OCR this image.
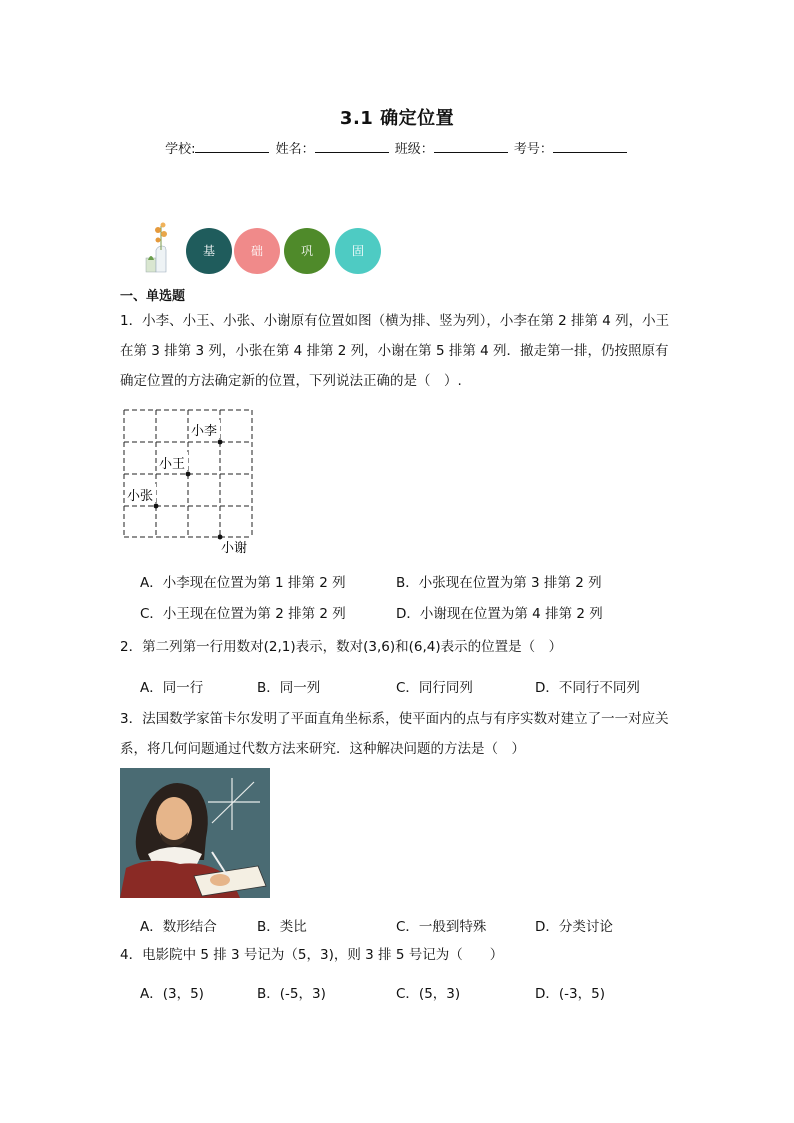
3.1 确定位置
学校:	姓名：	班级：	考号：
基	础	巩	固
一、单选题
1．小李、小王、小张、小谢原有位置如图（横为排、竖为列），小李在第 2 排第 4 列，小王在第 3 排第 3 列，小张在第 4 排第 2 列，小谢在第 5 排第 4 列．撤走第一排，仍按照原有确定位置的方法确定新的位置，下列说法正确的是（　）.
小李
小王
小张
小谢
A．小李现在位置为第 1 排第 2 列	B．小张现在位置为第 3 排第 2 列
C．小王现在位置为第 2 排第 2 列	D．小谢现在位置为第 4 排第 2 列
2．第二列第一行用数对(2,1)表示，数对(3,6)和(6,4)表示的位置是（　）
A．同一行	B．同一列	C．同行同列	D．不同行不同列
3．法国数学家笛卡尔发明了平面直角坐标系，使平面内的点与有序实数对建立了一一对应关系，将几何问题通过代数方法来研究．这种解决问题的方法是（　）
A．数形结合	B．类比	C．一般到特殊	D．分类讨论
4．电影院中 5 排 3 号记为（5，3)，则 3 排 5 号记为（　　）
A．(3，5)	B．(-5，3)	C．(5，3)	D．(-3，5)
